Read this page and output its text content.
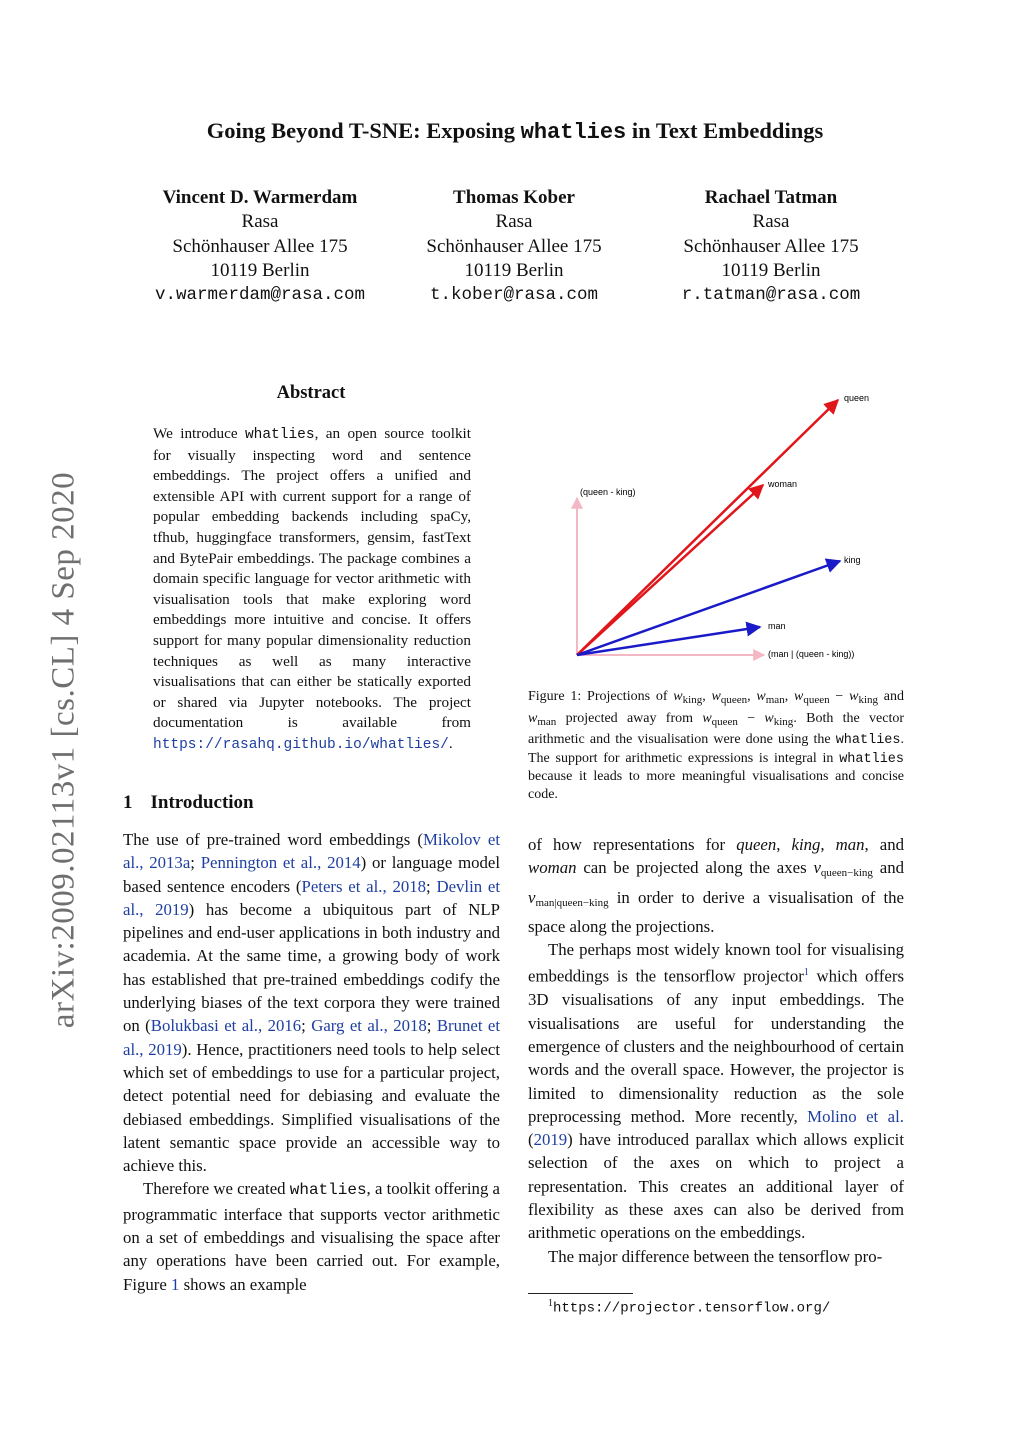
arXiv:2009.02113v1 [cs.CL] 4 Sep 2020
Going Beyond T-SNE: Exposing whatlies in Text Embeddings
Vincent D. Warmerdam
Rasa
Schönhauser Allee 175
10119 Berlin
v.warmerdam@rasa.com
Thomas Kober
Rasa
Schönhauser Allee 175
10119 Berlin
t.kober@rasa.com
Rachael Tatman
Rasa
Schönhauser Allee 175
10119 Berlin
r.tatman@rasa.com
Abstract
We introduce whatlies, an open source toolkit for visually inspecting word and sentence embeddings. The project offers a unified and extensible API with current support for a range of popular embedding backends including spaCy, tfhub, huggingface transformers, gensim, fastText and BytePair embeddings. The package combines a domain specific language for vector arithmetic with visualisation tools that make exploring word embeddings more intuitive and concise. It offers support for many popular dimensionality reduction techniques as well as many interactive visualisations that can either be statically exported or shared via Jupyter notebooks. The project documentation is available from https://rasahq.github.io/whatlies/.
1 Introduction

The use of pre-trained word embeddings (Mikolov et al., 2013a; Pennington et al., 2014) or language model based sentence encoders (Peters et al., 2018; Devlin et al., 2019) has become a ubiquitous part of NLP pipelines and end-user applications in both industry and academia. At the same time, a growing body of work has established that pre-trained embeddings codify the underlying biases of the text corpora they were trained on (Bolukbasi et al., 2016; Garg et al., 2018; Brunet et al., 2019). Hence, practitioners need tools to help select which set of embeddings to use for a particular project, detect potential need for debiasing and evaluate the debiased embeddings. Simplified visualisations of the latent semantic space provide an accessible way to achieve this.

Therefore we created whatlies, a toolkit offering a programmatic interface that supports vector arithmetic on a set of embeddings and visualising the space after any operations have been carried out. For example, Figure 1 shows an example

queen
woman
king
man
(queen - king)
(man | (queen - king))
Figure 1: Projections of $w_{king}$, $w_{queen}$, $w_{man}$, $w_{queen} - w_{king}$ and $w_{man}$ projected away from $w_{queen} - w_{king}$. Both the vector arithmetic and the visualisation were done using the whatlies. The support for arithmetic expressions is integral in whatlies because it leads to more meaningful visualisations and concise code.

of how representations for queen, king, man, and woman can be projected along the axes $v_{queen-king}$ and $v_{man|queen-king}$ in order to derive a visualisation of the space along the projections.

The perhaps most widely known tool for visualising embeddings is the tensorflow projector$^1$ which offers 3D visualisations of any input embeddings. The visualisations are useful for understanding the emergence of clusters and the neighbourhood of certain words and the overall space. However, the projector is limited to dimensionality reduction as the sole preprocessing method. More recently, Molino et al. (2019) have introduced parallax which allows explicit selection of the axes on which to project a representation. This creates an additional layer of flexibility as these axes can also be derived from arithmetic operations on the embeddings.

The major difference between the tensorflow pro-

$^1$https://projector.tensorflow.org/
